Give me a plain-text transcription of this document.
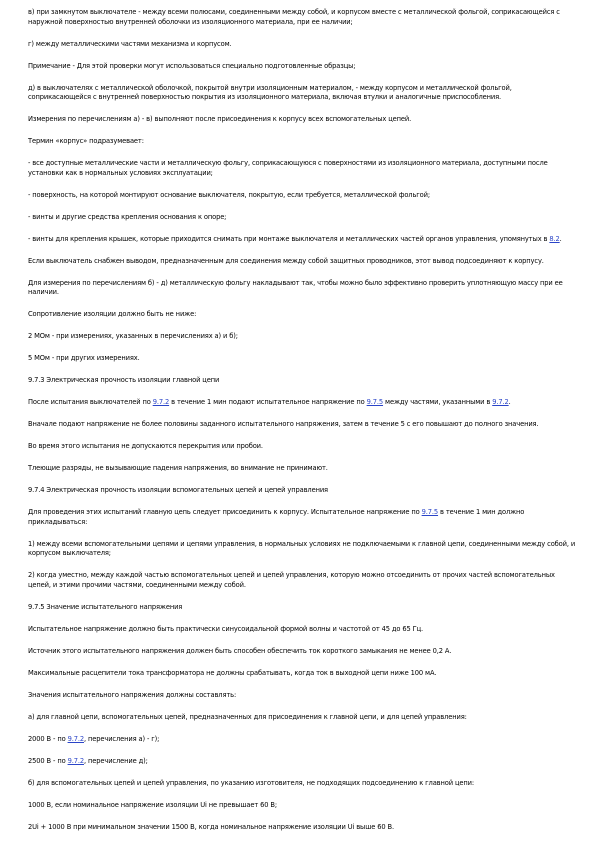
в) при замкнутом выключателе - между всеми полюсами, соединенными между собой, и корпусом вместе с металлической фольгой, соприкасающейся с наружной поверхностью внутренней оболочки из изоляционного материала, при ее наличии;

г) между металлическими частями механизма и корпусом.

Примечание - Для этой проверки могут использоваться специально подготовленные образцы;

д) в выключателях с металлической оболочкой, покрытой внутри изоляционным материалом, - между корпусом и металлической фольгой, соприкасающейся с внутренней поверхностью покрытия из изоляционного материала, включая втулки и аналогичные приспособления.

Измерения по перечислениям а) - в) выполняют после присоединения к корпусу всех вспомогательных цепей.

Термин «корпус» подразумевает:

- все доступные металлические части и металлическую фольгу, соприкасающуюся с поверхностями из изоляционного материала, доступными после установки как в нормальных условиях эксплуатации;

- поверхность, на которой монтируют основание выключателя, покрытую, если требуется, металлической фольгой;

- винты и другие средства крепления основания к опоре;

- винты для крепления крышек, которые приходится снимать при монтаже выключателя и металлических частей органов управления, упомянутых в 8.2.

Если выключатель снабжен выводом, предназначенным для соединения между собой защитных проводников, этот вывод подсоединяют к корпусу.

Для измерения по перечислениям б) - д) металлическую фольгу накладывают так, чтобы можно было эффективно проверить уплотняющую массу при ее наличии.

Сопротивление изоляции должно быть не ниже:

2 МОм - при измерениях, указанных в перечислениях а) и б);

5 МОм - при других измерениях.

9.7.3 Электрическая прочность изоляции главной цепи

После испытания выключателей по 9.7.2 в течение 1 мин подают испытательное напряжение по 9.7.5 между частями, указанными в 9.7.2.

Вначале подают напряжение не более половины заданного испытательного напряжения, затем в течение 5 с его повышают до полного значения.

Во время этого испытания не допускаются перекрытия или пробои.

Тлеющие разряды, не вызывающие падения напряжения, во внимание не принимают.

9.7.4 Электрическая прочность изоляции вспомогательных цепей и цепей управления

Для проведения этих испытаний главную цепь следует присоединить к корпусу. Испытательное напряжение по 9.7.5 в течение 1 мин должно прикладываться:

1) между всеми вспомогательными цепями и цепями управления, в нормальных условиях не подключаемыми к главной цепи, соединенными между собой, и корпусом выключателя;

2) когда уместно, между каждой частью вспомогательных цепей и цепей управления, которую можно отсоединить от прочих частей вспомогательных цепей, и этими прочими частями, соединенными между собой.

9.7.5 Значение испытательного напряжения

Испытательное напряжение должно быть практически синусоидальной формой волны и частотой от 45 до 65 Гц.

Источник этого испытательного напряжения должен быть способен обеспечить ток короткого замыкания не менее 0,2 А.

Максимальные расцепители тока трансформатора не должны срабатывать, когда ток в выходной цепи ниже 100 мА.

Значения испытательного напряжения должны составлять:

а) для главной цепи, вспомогательных цепей, предназначенных для присоединения к главной цепи, и для цепей управления:

2000 В - по 9.7.2, перечисления а) - г);

2500 В - по 9.7.2, перечисление д);

б) для вспомогательных цепей и цепей управления, по указанию изготовителя, не подходящих подсоединению к главной цепи:

1000 В, если номинальное напряжение изоляции Ui не превышает 60 В;

2Ui + 1000 В при минимальном значении 1500 В, когда номинальное напряжение изоляции Ui выше 60 В.
